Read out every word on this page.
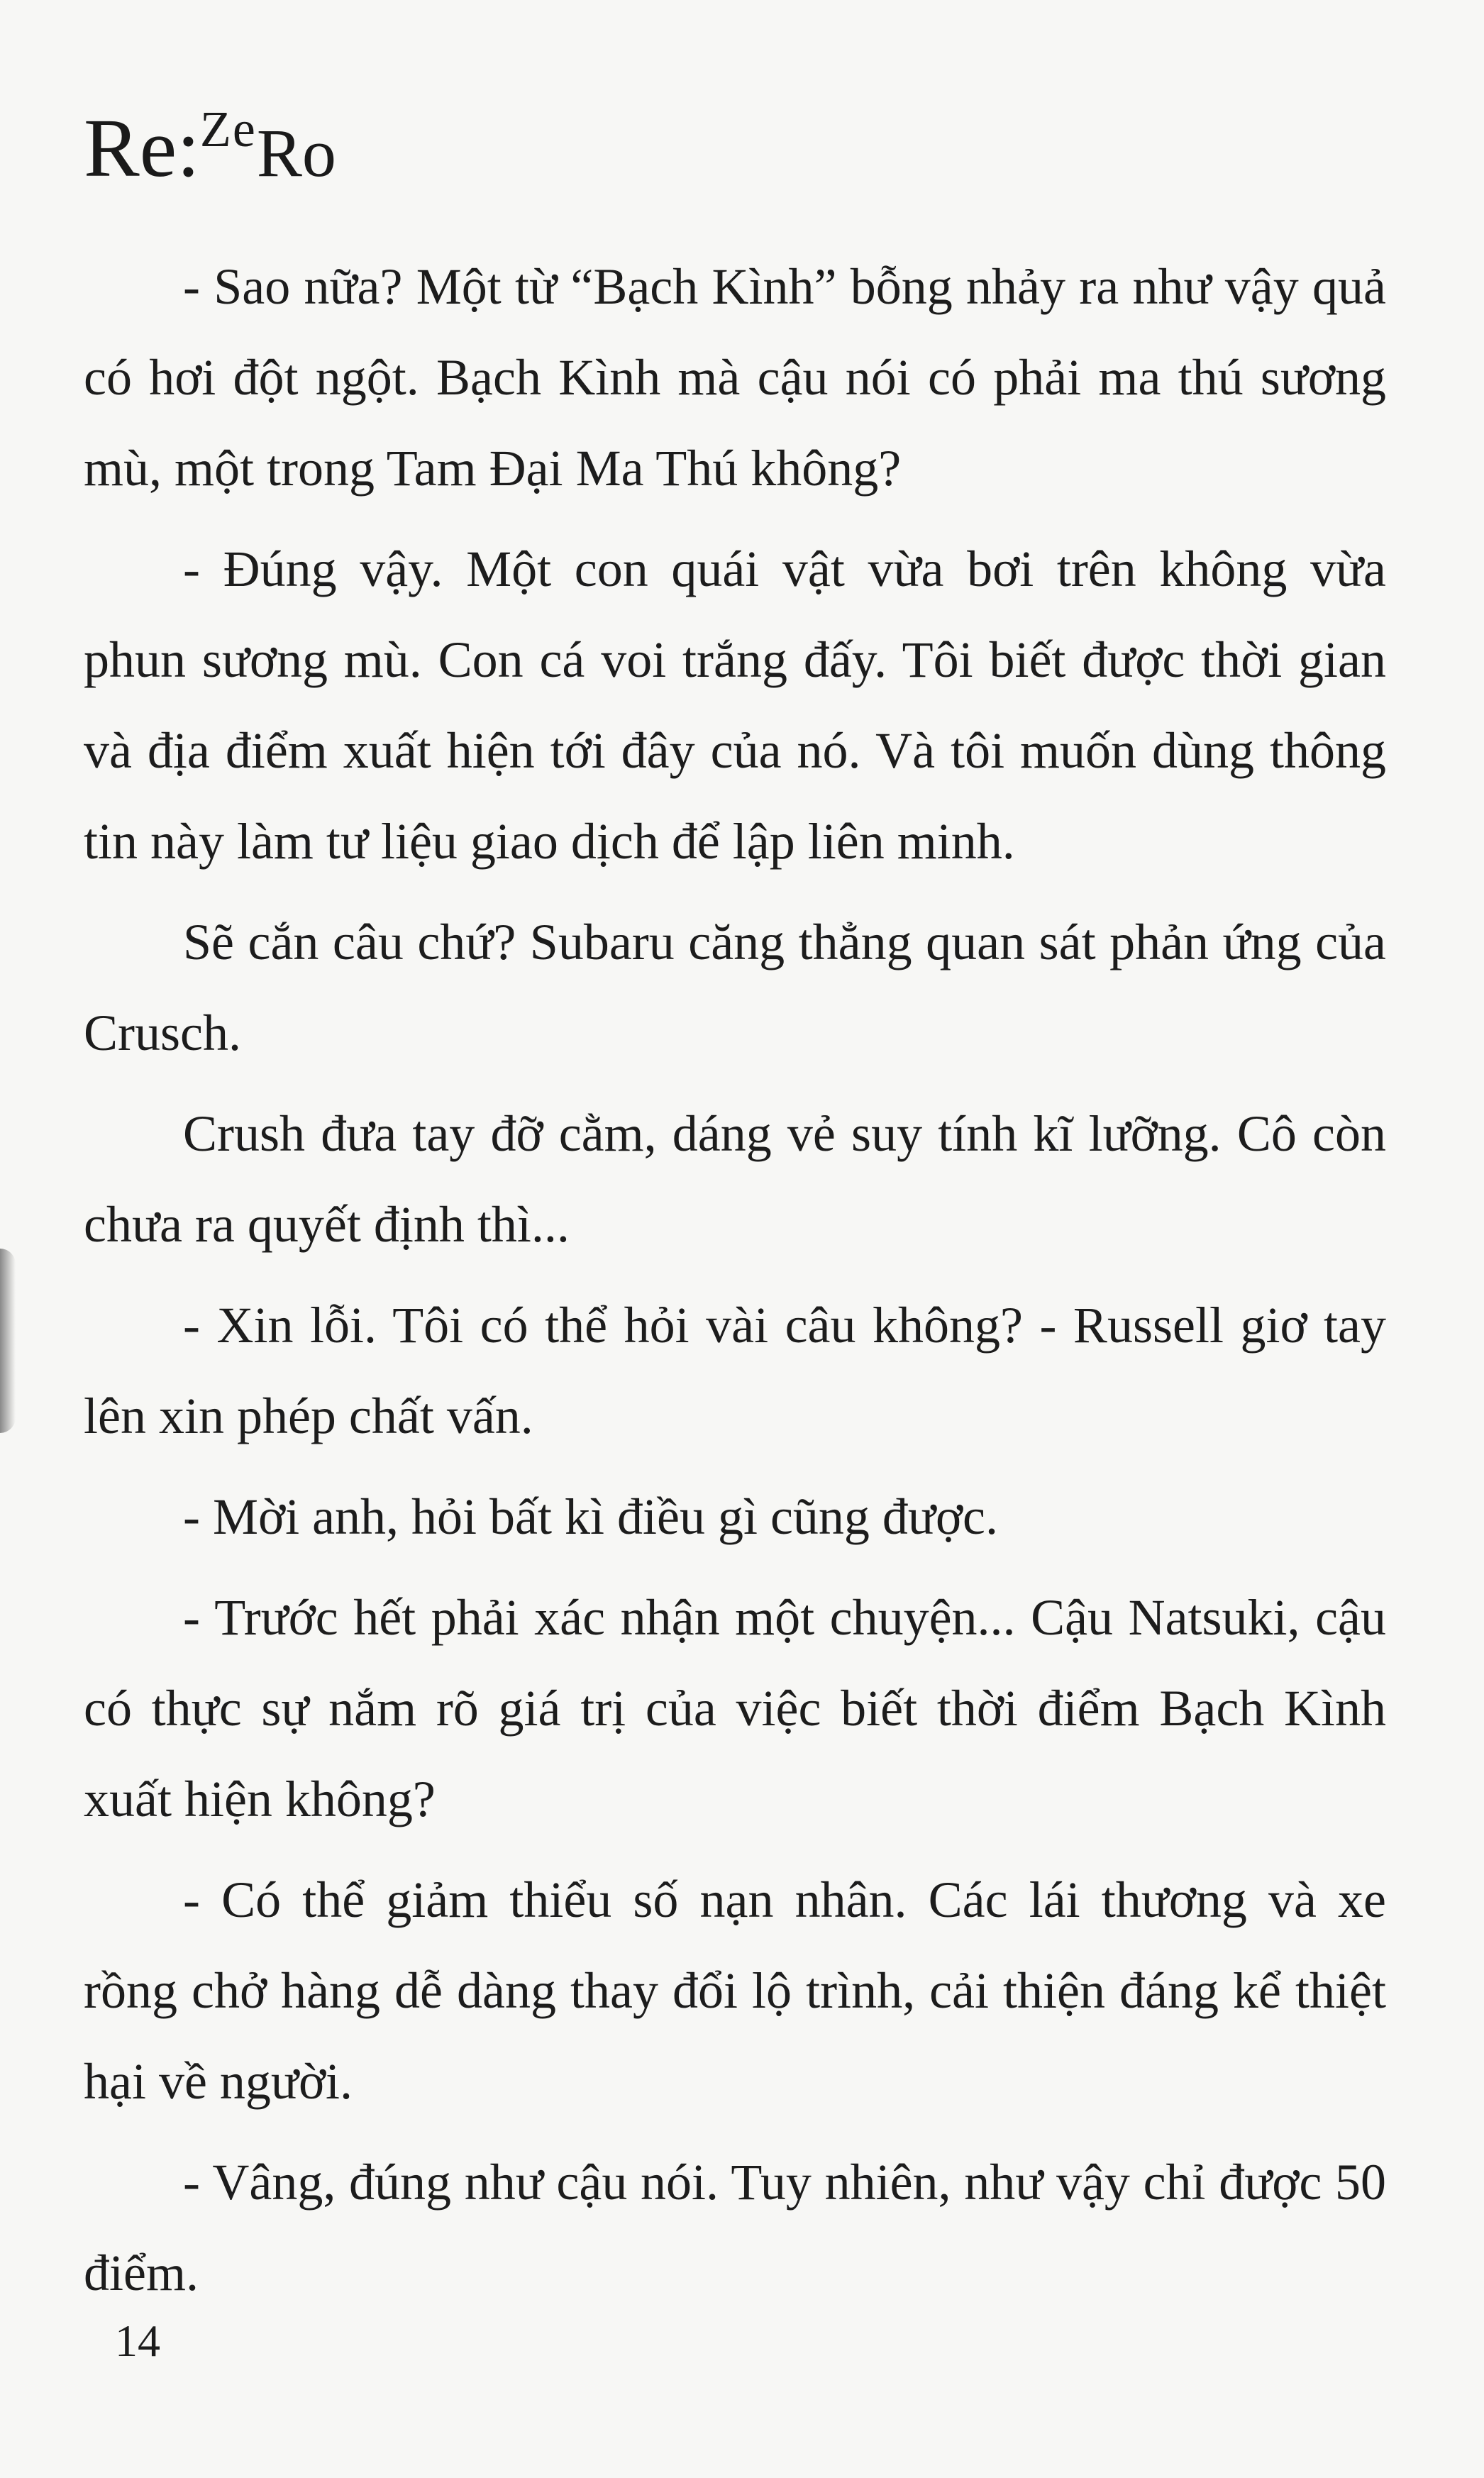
Re:$^{Ze}$Ro

- Sao nữa? Một từ “Bạch Kình” bỗng nhảy ra như vậy quả có hơi đột ngột. Bạch Kình mà cậu nói có phải ma thú sương mù, một trong Tam Đại Ma Thú không?

- Đúng vậy. Một con quái vật vừa bơi trên không vừa phun sương mù. Con cá voi trắng đấy. Tôi biết được thời gian và địa điểm xuất hiện tới đây của nó. Và tôi muốn dùng thông tin này làm tư liệu giao dịch để lập liên minh.

Sẽ cắn câu chứ? Subaru căng thẳng quan sát phản ứng của Crusch.

Crush đưa tay đỡ cằm, dáng vẻ suy tính kĩ lưỡng. Cô còn chưa ra quyết định thì...

- Xin lỗi. Tôi có thể hỏi vài câu không? - Russell giơ tay lên xin phép chất vấn.

- Mời anh, hỏi bất kì điều gì cũng được.

- Trước hết phải xác nhận một chuyện... Cậu Natsuki, cậu có thực sự nắm rõ giá trị của việc biết thời điểm Bạch Kình xuất hiện không?

- Có thể giảm thiểu số nạn nhân. Các lái thương và xe rồng chở hàng dễ dàng thay đổi lộ trình, cải thiện đáng kể thiệt hại về người.

- Vâng, đúng như cậu nói. Tuy nhiên, như vậy chỉ được 50 điểm.

14
